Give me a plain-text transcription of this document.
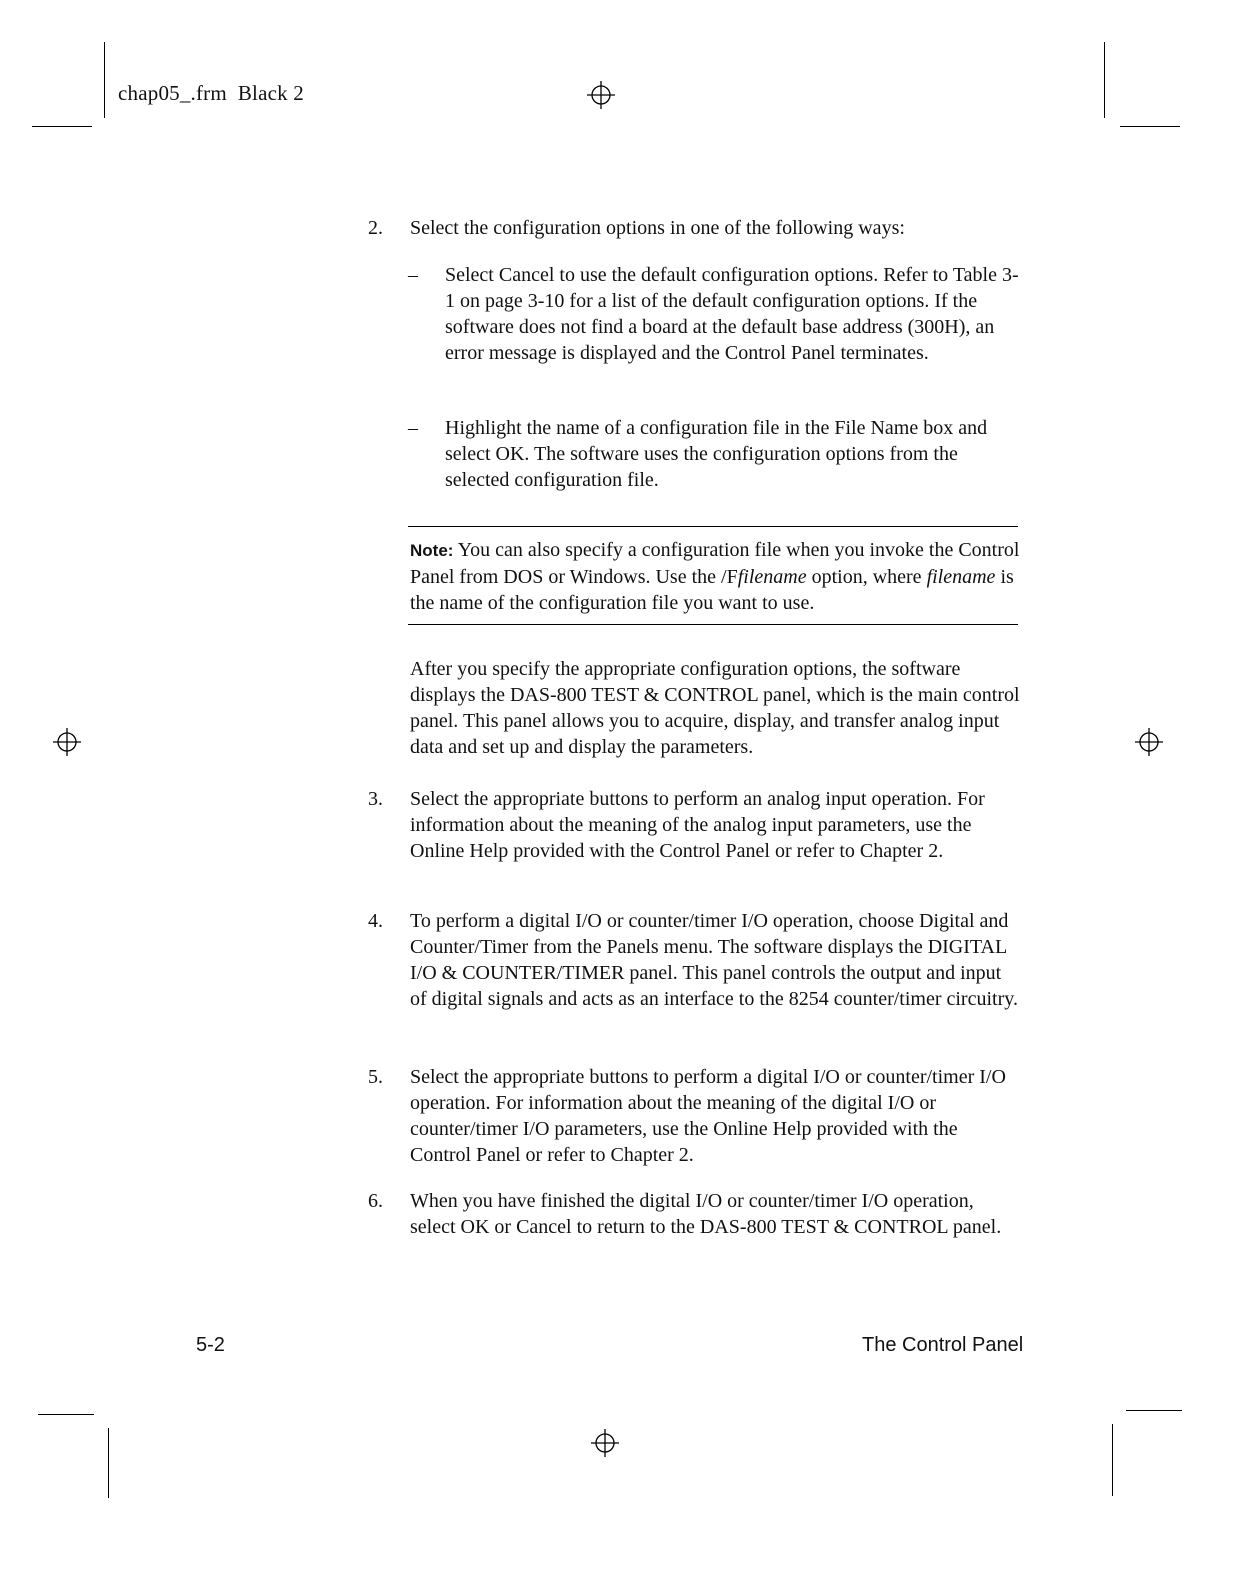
chap05_.frm Black 2
2. Select the configuration options in one of the following ways:
– Select Cancel to use the default configuration options. Refer to Table 3-1 on page 3-10 for a list of the default configuration options. If the software does not find a board at the default base address (300H), an error message is displayed and the Control Panel terminates.
– Highlight the name of a configuration file in the File Name box and select OK. The software uses the configuration options from the selected configuration file.
Note: You can also specify a configuration file when you invoke the Control Panel from DOS or Windows. Use the /Ffilename option, where filename is the name of the configuration file you want to use.
After you specify the appropriate configuration options, the software displays the DAS-800 TEST & CONTROL panel, which is the main control panel. This panel allows you to acquire, display, and transfer analog input data and set up and display the parameters.
3. Select the appropriate buttons to perform an analog input operation. For information about the meaning of the analog input parameters, use the Online Help provided with the Control Panel or refer to Chapter 2.
4. To perform a digital I/O or counter/timer I/O operation, choose Digital and Counter/Timer from the Panels menu. The software displays the DIGITAL I/O & COUNTER/TIMER panel. This panel controls the output and input of digital signals and acts as an interface to the 8254 counter/timer circuitry.
5. Select the appropriate buttons to perform a digital I/O or counter/timer I/O operation. For information about the meaning of the digital I/O or counter/timer I/O parameters, use the Online Help provided with the Control Panel or refer to Chapter 2.
6. When you have finished the digital I/O or counter/timer I/O operation, select OK or Cancel to return to the DAS-800 TEST & CONTROL panel.
5-2	The Control Panel
